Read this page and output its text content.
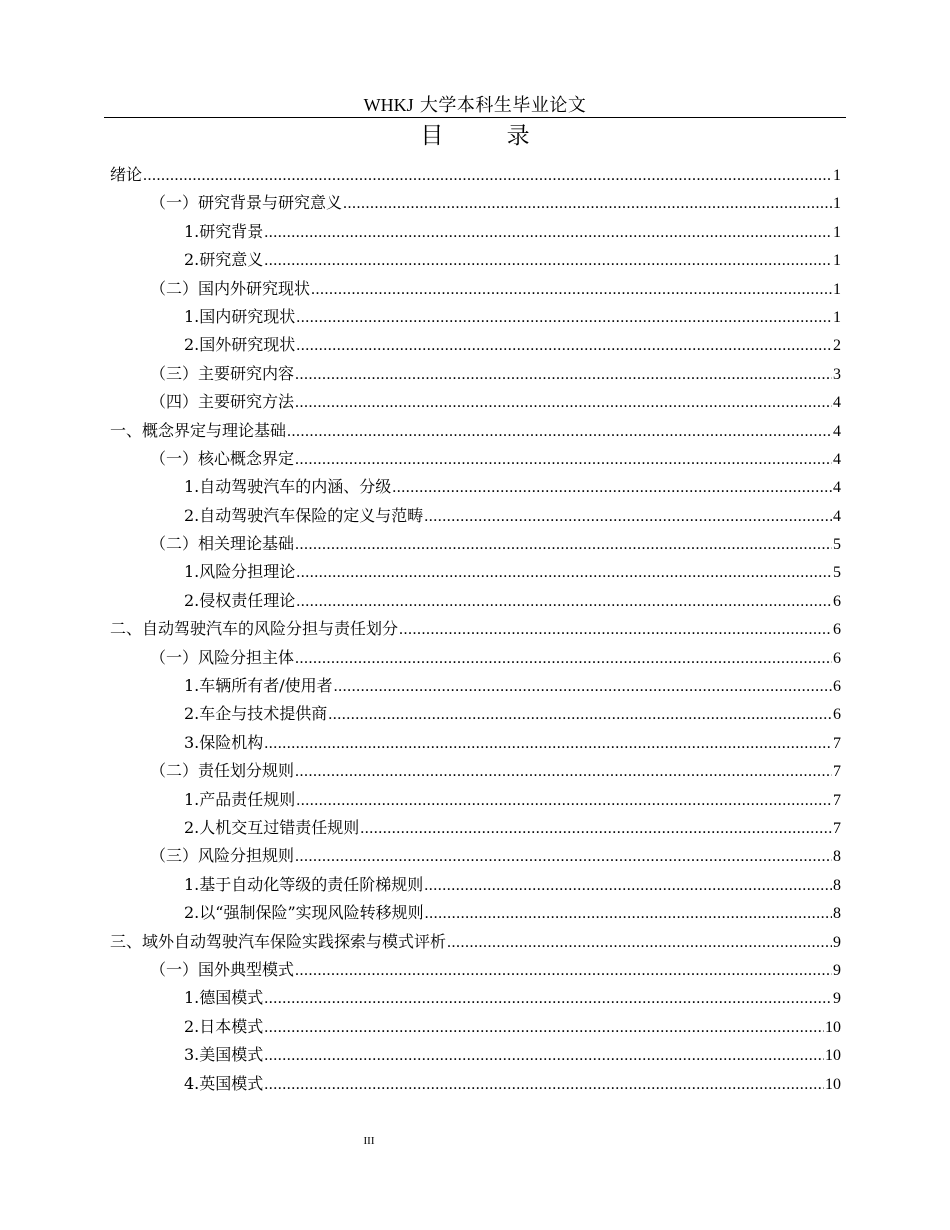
WHKJ 大学本科生毕业论文
目 录
绪论 .....	1
（一）研究背景与研究意义 .....	1
1.研究背景 .....	1
2.研究意义 .....	1
（二）国内外研究现状 .....	1
1.国内研究现状 .....	1
2.国外研究现状 .....	2
（三）主要研究内容 .....	3
（四）主要研究方法 .....	4
一、概念界定与理论基础 .....	4
（一）核心概念界定 .....	4
1.自动驾驶汽车的内涵、分级 .....	4
2.自动驾驶汽车保险的定义与范畴 .....	4
（二）相关理论基础 .....	5
1.风险分担理论 .....	5
2.侵权责任理论 .....	6
二、自动驾驶汽车的风险分担与责任划分 .....	6
（一）风险分担主体 .....	6
1.车辆所有者/使用者 .....	6
2.车企与技术提供商 .....	6
3.保险机构 .....	7
（二）责任划分规则 .....	7
1.产品责任规则 .....	7
2.人机交互过错责任规则 .....	7
（三）风险分担规则 .....	8
1.基于自动化等级的责任阶梯规则 .....	8
2.以“强制保险”实现风险转移规则 .....	8
三、域外自动驾驶汽车保险实践探索与模式评析 .....	9
（一）国外典型模式 .....	9
1.德国模式 .....	9
2.日本模式 .....	10
3.美国模式 .....	10
4.英国模式 .....	10
III
